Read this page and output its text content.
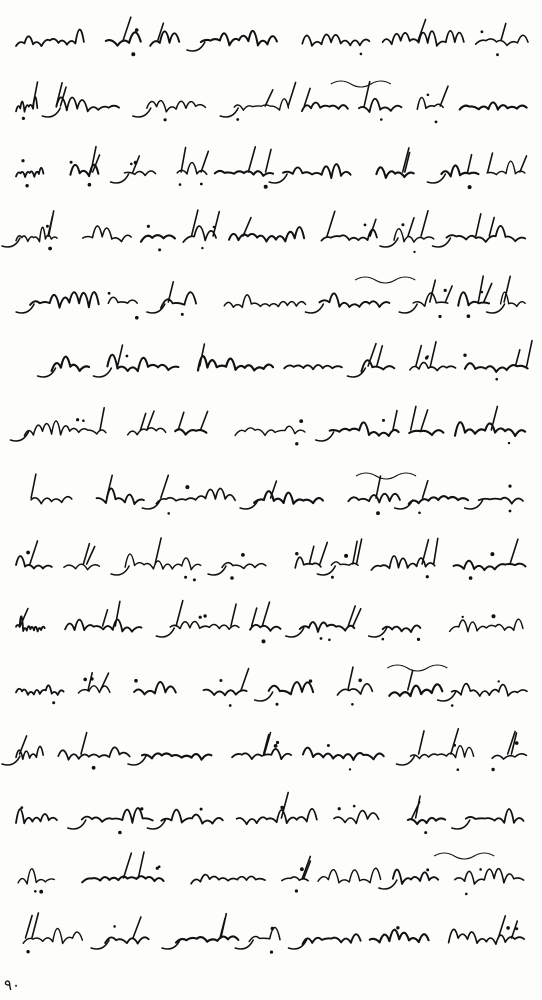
٩٠
